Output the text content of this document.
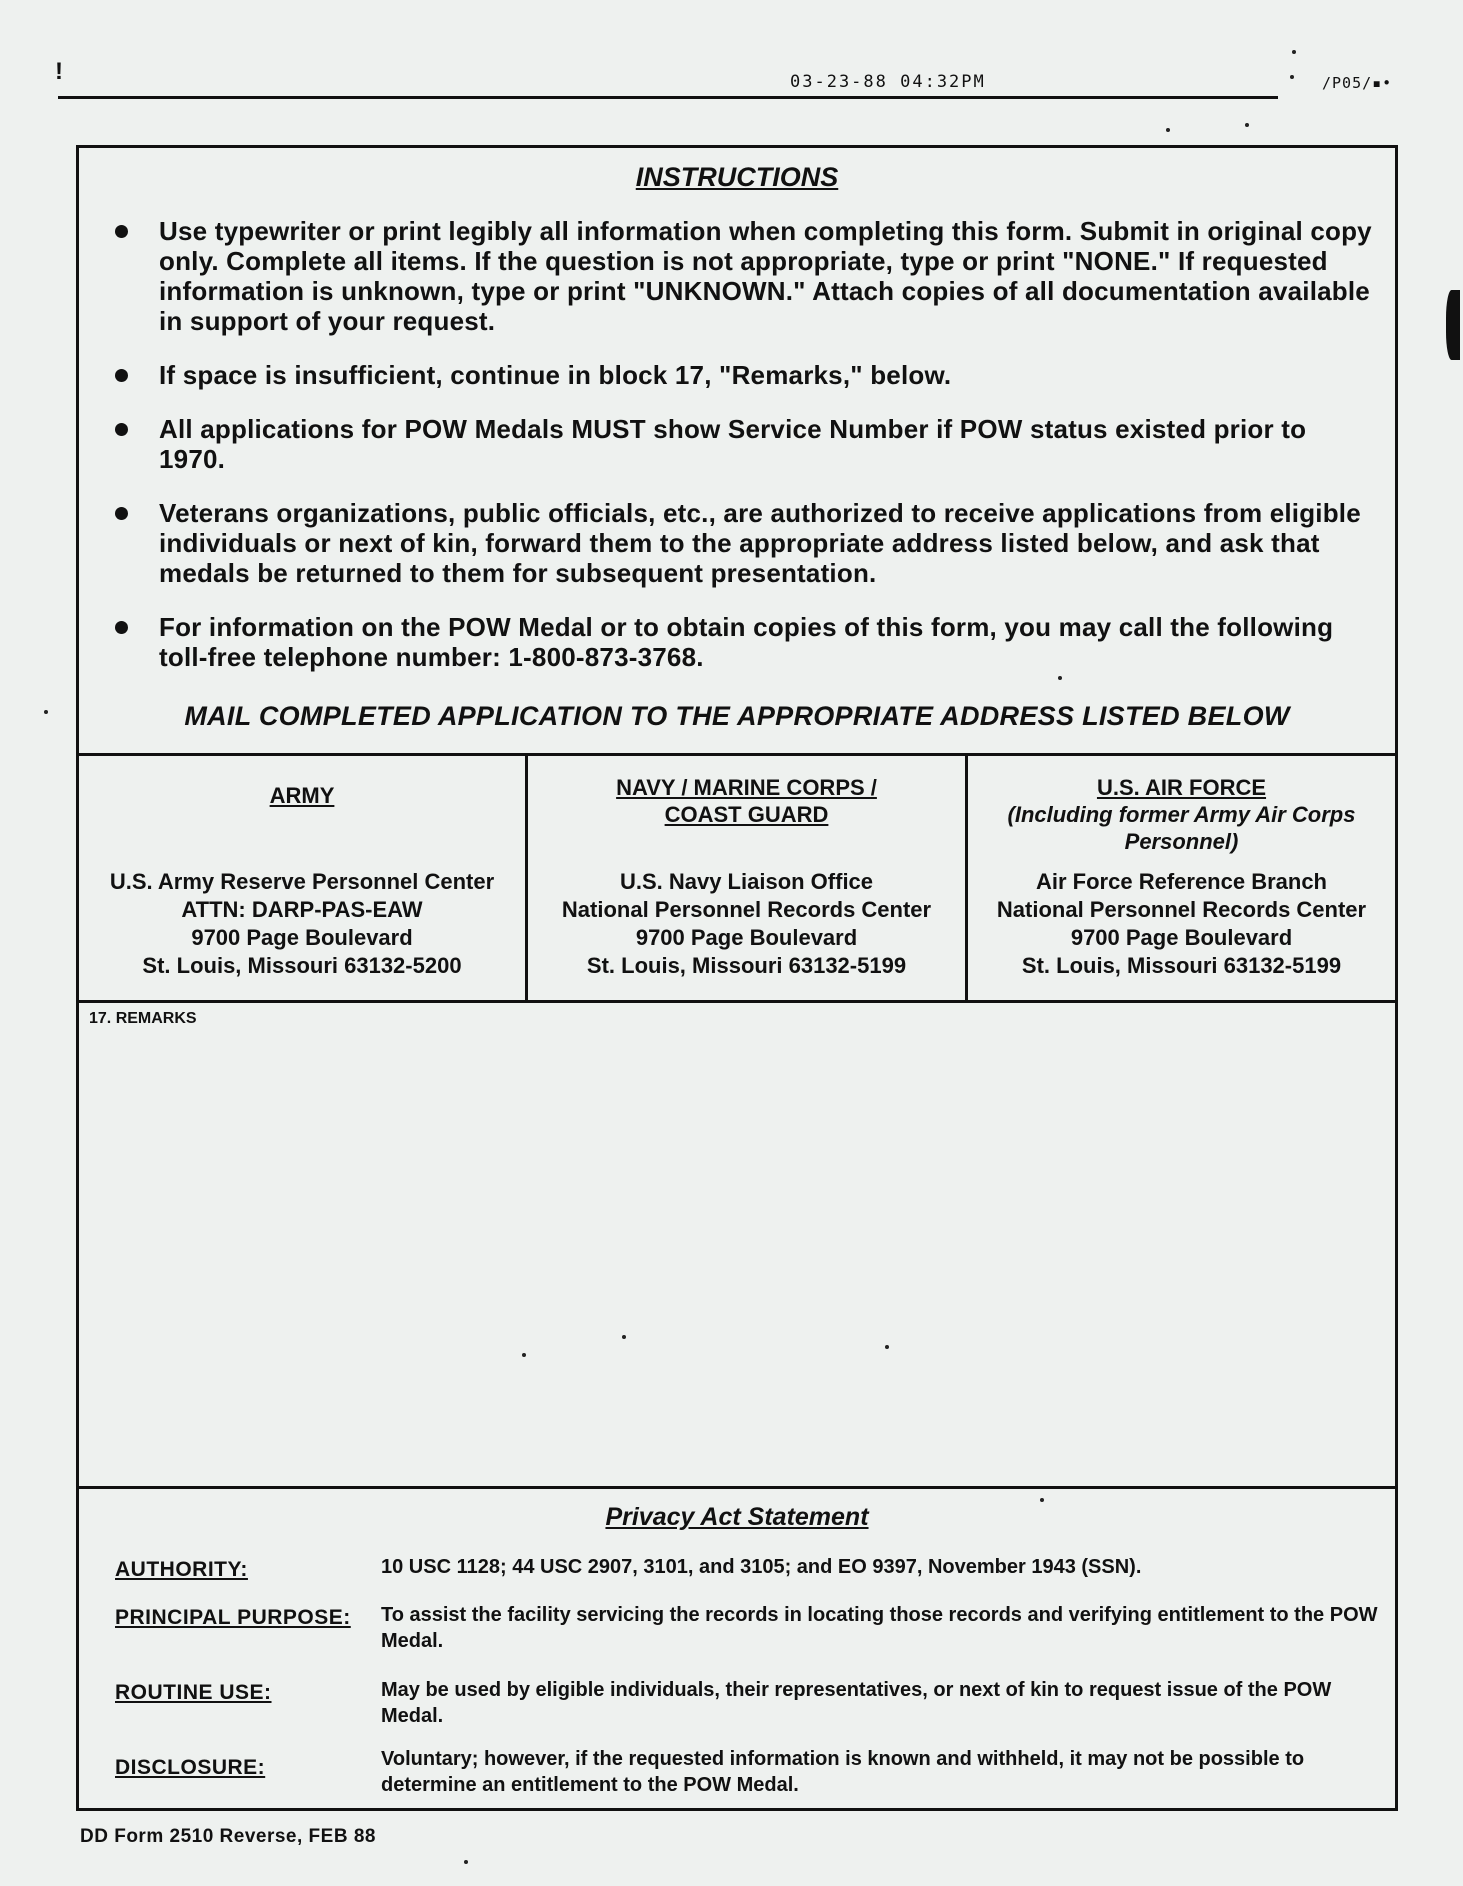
!	03-23-88 04:32PM	/P05/▪•
INSTRUCTIONS
Use typewriter or print legibly all information when completing this form. Submit in original copy only. Complete all items. If the question is not appropriate, type or print "NONE." If requested information is unknown, type or print "UNKNOWN." Attach copies of all documentation available in support of your request.
If space is insufficient, continue in block 17, "Remarks," below.
All applications for POW Medals MUST show Service Number if POW status existed prior to 1970.
Veterans organizations, public officials, etc., are authorized to receive applications from eligible individuals or next of kin, forward them to the appropriate address listed below, and ask that medals be returned to them for subsequent presentation.
For information on the POW Medal or to obtain copies of this form, you may call the following toll-free telephone number: 1-800-873-3768.
MAIL COMPLETED APPLICATION TO THE APPROPRIATE ADDRESS LISTED BELOW
ARMY
U.S. Army Reserve Personnel Center
ATTN: DARP-PAS-EAW
9700 Page Boulevard
St. Louis, Missouri 63132-5200
NAVY / MARINE CORPS /
COAST GUARD
U.S. Navy Liaison Office
National Personnel Records Center
9700 Page Boulevard
St. Louis, Missouri 63132-5199
U.S. AIR FORCE
(Including former Army Air Corps Personnel)
Air Force Reference Branch
National Personnel Records Center
9700 Page Boulevard
St. Louis, Missouri 63132-5199
17. REMARKS
Privacy Act Statement
AUTHORITY:	10 USC 1128; 44 USC 2907, 3101, and 3105; and EO 9397, November 1943 (SSN).
PRINCIPAL PURPOSE: To assist the facility servicing the records in locating those records and verifying entitlement to the POW Medal.
ROUTINE USE:	May be used by eligible individuals, their representatives, or next of kin to request issue of the POW Medal.
DISCLOSURE:	Voluntary; however, if the requested information is known and withheld, it may not be possible to determine an entitlement to the POW Medal.
DD Form 2510 Reverse, FEB 88
